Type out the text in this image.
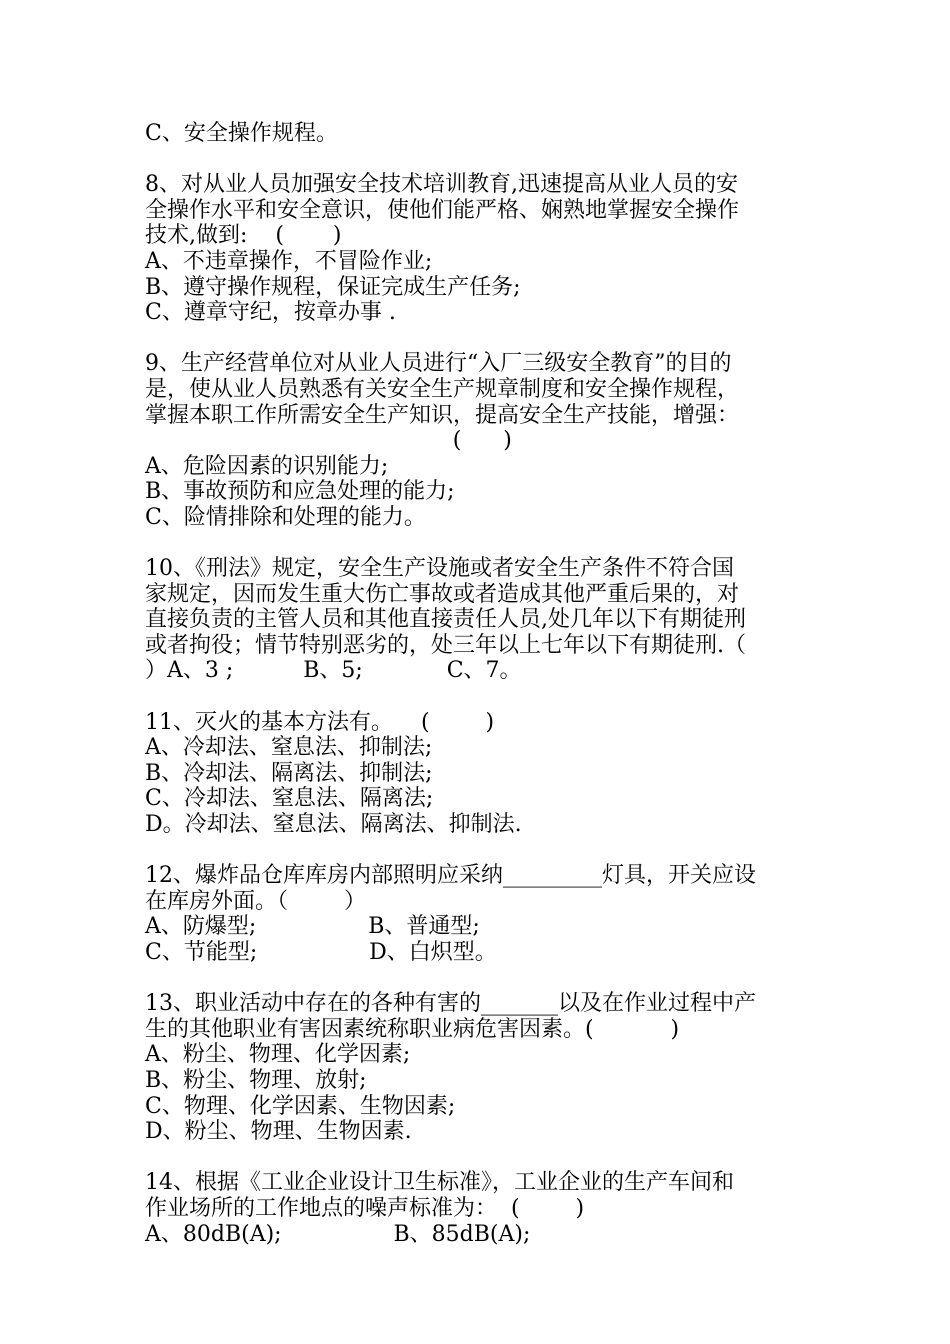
C、安全操作规程。
8、对从业人员加强安全技术培训教育,迅速提高从业人员的安
全操作水平和安全意识，使他们能严格、娴熟地掌握安全操作
技术,做到:    (       )
A、不违章操作，不冒险作业;
B、遵守操作规程，保证完成生产任务;
C、遵章守纪，按章办事 .
9、生产经营单位对从业人员进行“入厂三级安全教育”的目的
是，使从业人员熟悉有关安全生产规章制度和安全操作规程，
掌握本职工作所需安全生产知识，提高安全生产技能，增强：
(      )
A、危险因素的识别能力;
B、事故预防和应急处理的能力;
C、险情排除和处理的能力。
10、《刑法》规定，安全生产设施或者安全生产条件不符合国
家规定，因而发生重大伤亡事故或者造成其他严重后果的，对
直接负责的主管人员和其他直接责任人员,处几年以下有期徒刑
或者拘役；情节特别恶劣的，处三年以上七年以下有期徒刑.（
）A、3 ;          B、5;            C、7。
11、灭火的基本方法有。    (        )
A、冷却法、窒息法、抑制法;
B、冷却法、隔离法、抑制法;
C、冷却法、窒息法、隔离法;
D。冷却法、窒息法、隔离法、抑制法.
12、爆炸品仓库库房内部照明应采纳_________灯具，开关应设
在库房外面。（        ）
A、防爆型;                B、普通型;
C、节能型;                D、白炽型。
13、职业活动中存在的各种有害的_______以及在作业过程中产
生的其他职业有害因素统称职业病危害因素。(           )
A、粉尘、物理、化学因素;
B、粉尘、物理、放射;
C、物理、化学因素、生物因素;
D、粉尘、物理、生物因素.
14、根据《工业企业设计卫生标准》，工业企业的生产车间和
作业场所的工作地点的噪声标准为：  (        )
A、80dB(A);                B、85dB(A);
